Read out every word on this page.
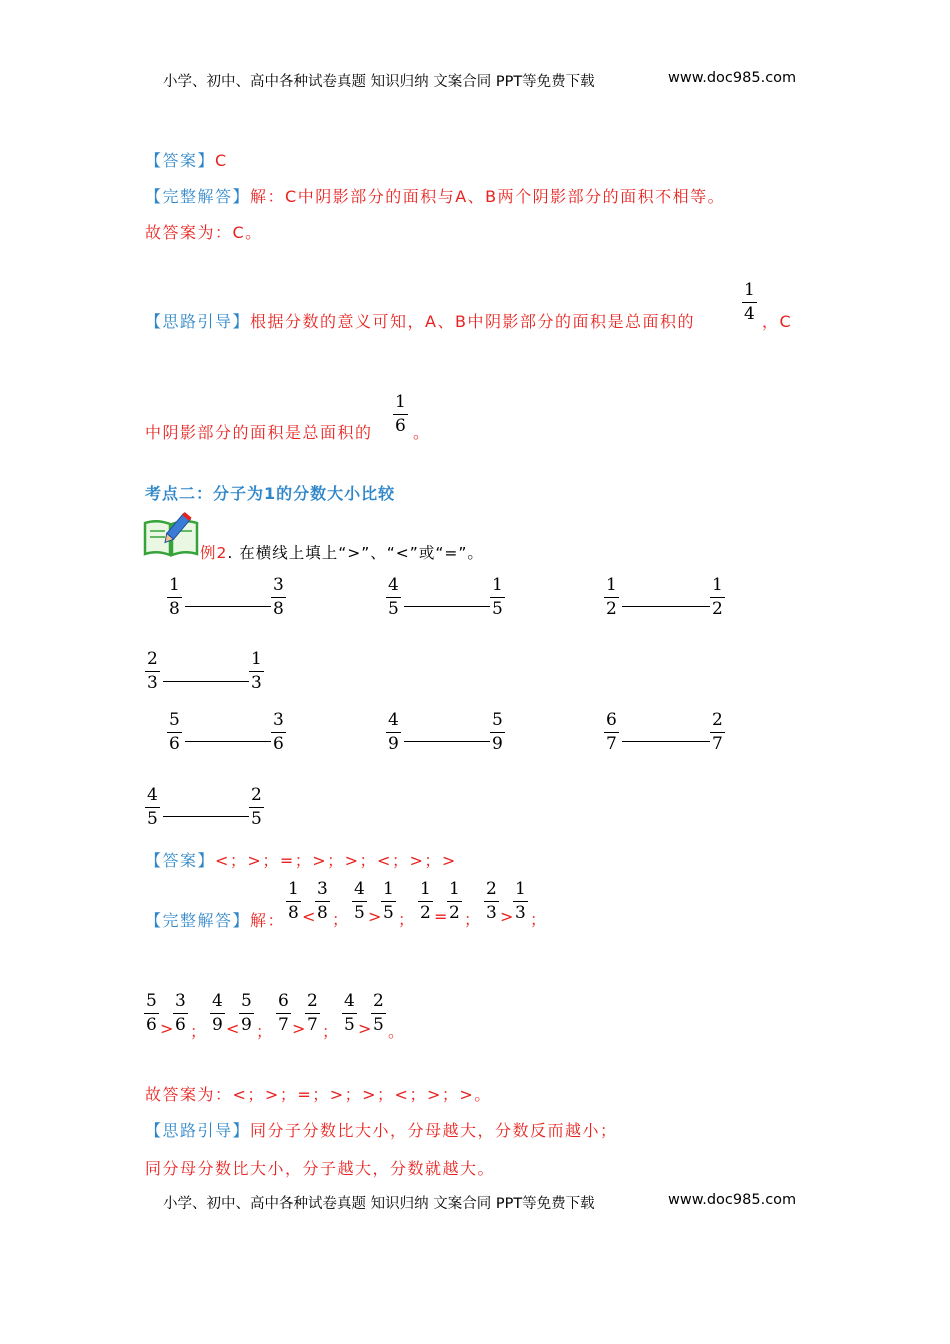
小学、初中、高中各种试卷真题 知识归纳 文案合同 PPT等免费下载	www.doc985.com
【答案】C
【完整解答】解：C中阴影部分的面积与A、B两个阴影部分的面积不相等。
故答案为：C。
【思路引导】根据分数的意义可知，A、B中阴影部分的面积是总面积的
1
4 ，C
中阴影部分的面积是总面积的
1
6 。
考点二：分子为1的分数大小比较
例2. 在横线上填上“>”、“<”或“=”。
1
8
3
8
4
5
1
5
1
2
1
2
2
3
1
3
5
6
3
6
4
9
5
9
6
7
2
7
4
5
2
5
【答案】<；>；=；>；>；<；>；>
【完整解答】解：
1
8 <
3
8 ；
4
5 >
1
5 ；
1
2 =
1
2 ；
2
3 >
1
3 ；
5
6 >
3
6 ；
4
9 <
5
9 ；
6
7 >
2
7 ；
4
5 >
2
5 。
故答案为：<；>；=；>；>；<；>；>。
【思路引导】同分子分数比大小，分母越大，分数反而越小；
同分母分数比大小，分子越大，分数就越大。
小学、初中、高中各种试卷真题 知识归纳 文案合同 PPT等免费下载	www.doc985.com
